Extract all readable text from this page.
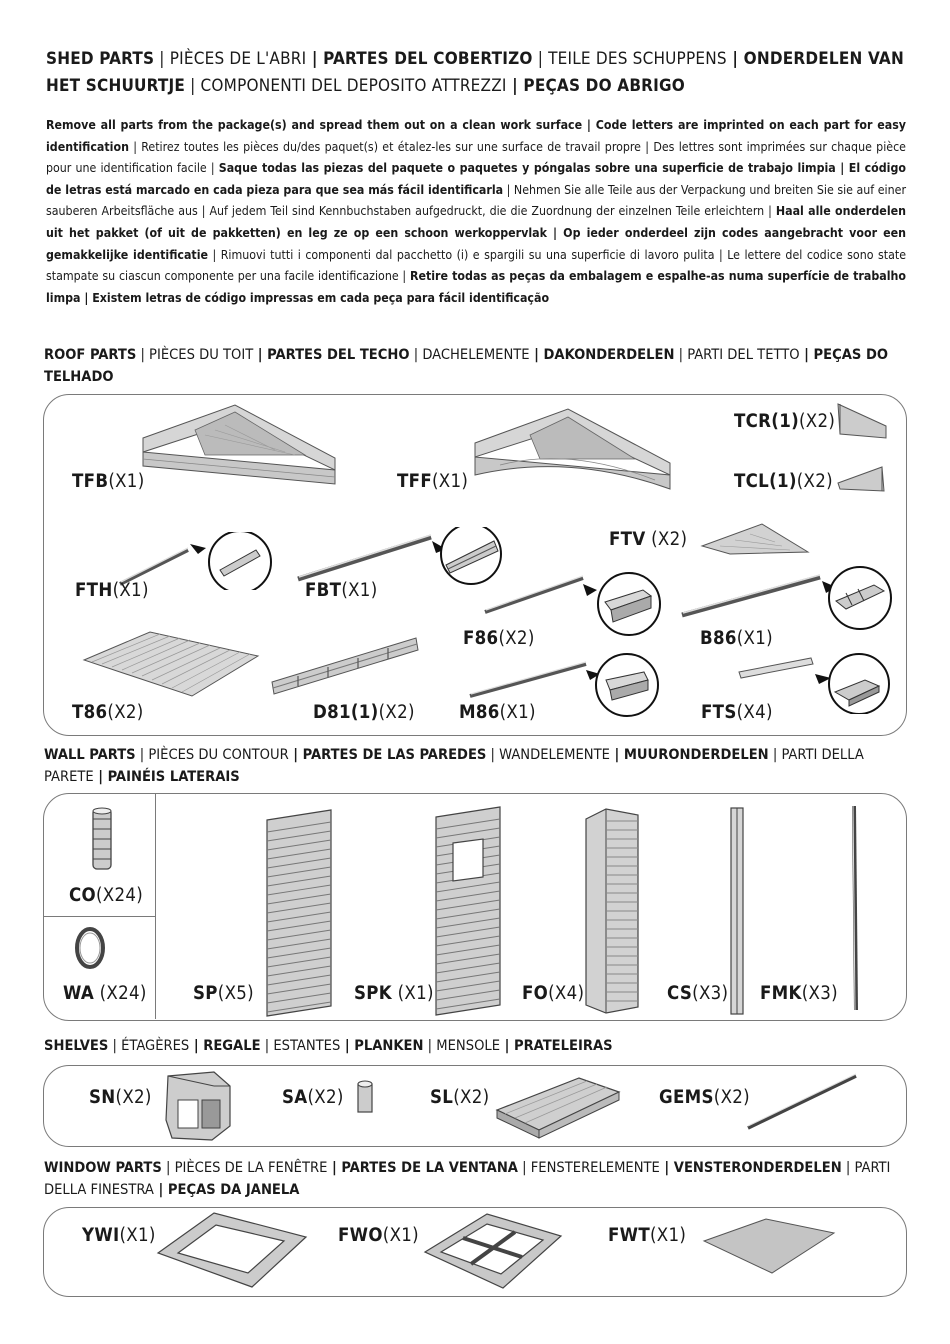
SHED PARTS | PIÈCES DE L'ABRI | PARTES DEL COBERTIZO | TEILE DES SCHUPPENS | ONDERDELEN VAN HET SCHUURTJE | COMPONENTI DEL DEPOSITO ATTREZZI | PEÇAS DO ABRIGO
Remove all parts from the package(s) and spread them out on a clean work surface | Code letters are imprinted on each part for easy identification | Retirez toutes les pièces du/des paquet(s) et étalez-les sur une surface de travail propre | Des lettres sont imprimées sur chaque pièce pour une identification facile | Saque todas las piezas del paquete o paquetes y póngalas sobre una superficie de trabajo limpia | El código de letras está marcado en cada pieza para que sea más fácil identificarla | Nehmen Sie alle Teile aus der Verpackung und breiten Sie sie auf einer sauberen Arbeitsfläche aus | Auf jedem Teil sind Kennbuchstaben aufgedruckt, die die Zuordnung der einzelnen Teile erleichtern | Haal alle onderdelen uit het pakket (of uit de pakketten) en leg ze op een schoon werkoppervlak | Op ieder onderdeel zijn codes aangebracht voor een gemakkelijke identificatie | Rimuovi tutti i componenti dal pacchetto (i) e spargili su una superficie di lavoro pulita | Le lettere del codice sono state stampate su ciascun componente per una facile identificazione | Retire todas as peças da embalagem e espalhe-as numa superfície de trabalho limpa | Existem letras de código impressas em cada peça para fácil identificação
ROOF PARTS | PIÈCES DU TOIT | PARTES DEL TECHO | DACHELEMENTE | DAKONDERDELEN | PARTI DEL TETTO | PEÇAS DO TELHADO
TFB(X1)	TFF(X1)
TCR(1)(X2)
TCL(1)(X2)
FTV (X2)
FTH(X1)	FBT(X1)
F86(X2)	B86(X1)
T86(X2)	D81(1)(X2) M86(X1)	FTS(X4)
WALL PARTS | PIÈCES DU CONTOUR | PARTES DE LAS PAREDES | WANDELEMENTE | MUURONDERDELEN | PARTI DELLA PARETE | PAINÉIS LATERAIS
CO(X24)
WA (X24)	SP(X5)	SPK (X1)	FO(X4)	CS(X3) FMK(X3)
SHELVES | ÉTAGÈRES | REGALE | ESTANTES | PLANKEN | MENSOLE | PRATELEIRAS
SN(X2)	SA(X2)	SL(X2)	GEMS(X2)
WINDOW PARTS | PIÈCES DE LA FENÊTRE | PARTES DE LA VENTANA | FENSTERELEMENTE | VENSTERONDERDELEN | PARTI DELLA FINESTRA | PEÇAS DA JANELA
YWI(X1)	FWO(X1)	FWT(X1)
